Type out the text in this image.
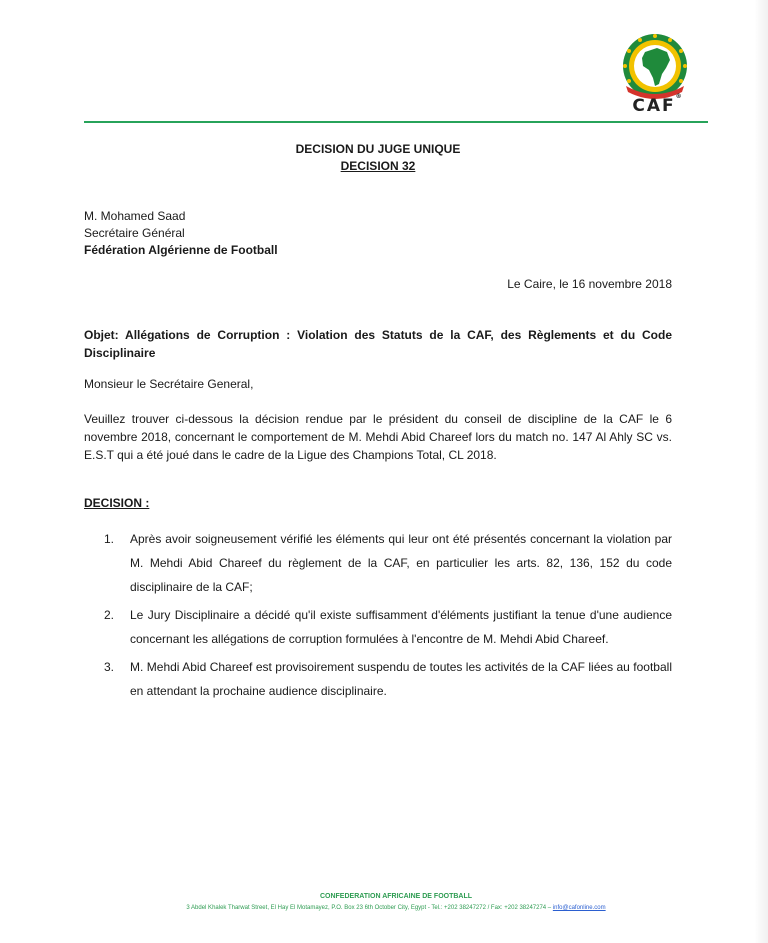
CAF®
DECISION DU JUGE UNIQUE
DECISION 32
M. Mohamed Saad
Secrétaire Général
Fédération Algérienne de Football
Le Caire, le 16 novembre 2018
Objet: Allégations de Corruption : Violation des Statuts de la CAF, des Règlements et du Code Disciplinaire
Monsieur le Secrétaire General,
Veuillez trouver ci-dessous la décision rendue par le président du conseil de discipline de la CAF le 6 novembre 2018, concernant le comportement de M. Mehdi Abid Chareef lors du match no. 147 Al Ahly SC vs. E.S.T qui a été joué dans le cadre de la Ligue des Champions Total, CL 2018.
DECISION :
1. Après avoir soigneusement vérifié les éléments qui leur ont été présentés concernant la violation par M. Mehdi Abid Chareef du règlement de la CAF, en particulier les arts. 82, 136, 152 du code disciplinaire de la CAF;
2. Le Jury Disciplinaire a décidé qu'il existe suffisamment d'éléments justifiant la tenue d'une audience concernant les allégations de corruption formulées à l'encontre de M. Mehdi Abid Chareef.
3. M. Mehdi Abid Chareef est provisoirement suspendu de toutes les activités de la CAF liées au football en attendant la prochaine audience disciplinaire.
CONFEDERATION AFRICAINE DE FOOTBALL
3 Abdel Khalek Tharwat Street, El Hay El Motamayez, P.O. Box 23 6th October City, Egypt - Tel.: +202 38247272 / Fax: +202 38247274 – info@cafonline.com
